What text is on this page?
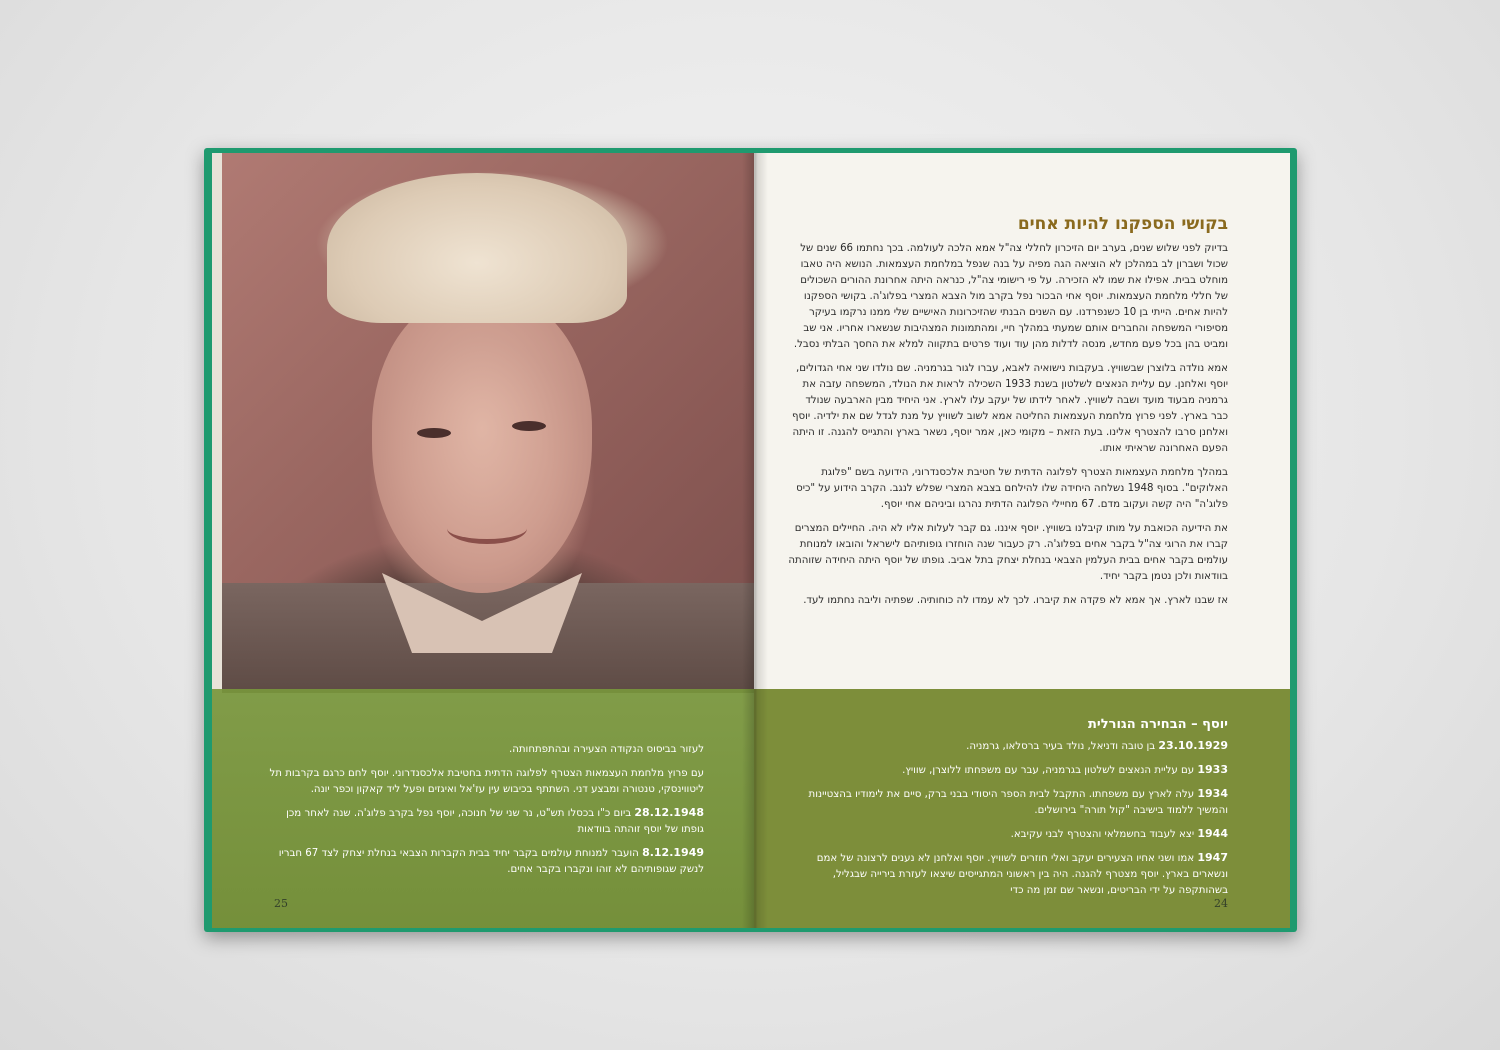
לעזור בביסוס הנקודה הצעירה ובהתפתחותה.

עם פרוץ מלחמת העצמאות הצטרף לפלוגה הדתית בחטיבת אלכסנדרוני. יוסף לחם כרגם בקרבות תל ליטווינסקי, טנטורה ומבצע דני. השתתף בכיבוש עין עז'אל ואיגזים ופעל ליד קאקון וכפר יונה.

28.12.1948 ביום כ"ו בכסלו תש"ט, נר שני של חנוכה, יוסף נפל בקרב פלוג'ה. שנה לאחר מכן גופתו של יוסף זוהתה בוודאות

8.12.1949 הועבר למנוחת עולמים בקבר יחיד בבית הקברות הצבאי בנחלת יצחק לצד 67 חבריו לנשק שגופותיהם לא זוהו ונקברו בקבר אחים.

25
בקושי הספקנו להיות אחים

בדיוק לפני שלוש שנים, בערב יום הזיכרון לחללי צה"ל אמא הלכה לעולמה. בכך נחתמו 66 שנים של שכול ושברון לב במהלכן לא הוציאה הגה מפיה על בנה שנפל במלחמת העצמאות. הנושא היה טאבו מוחלט בבית. אפילו את שמו לא הזכירה. על פי רישומי צה"ל, כנראה היתה אחרונת ההורים השכולים של חללי מלחמת העצמאות. יוסף אחי הבכור נפל בקרב מול הצבא המצרי בפלוג'ה. בקושי הספקנו להיות אחים. הייתי בן 10 כשנפרדנו. עם השנים הבנתי שהזיכרונות האישיים שלי ממנו נרקמו בעיקר מסיפורי המשפחה והחברים אותם שמעתי במהלך חיי, ומהתמונות המצהיבות שנשארו אחריו. אני שב ומביט בהן בכל פעם מחדש, מנסה לדלות מהן עוד ועוד פרטים בתקווה למלא את החסך הבלתי נסבל.

אמא נולדה בלוצרן שבשוויץ. בעקבות נישואיה לאבא, עברו לגור בגרמניה. שם נולדו שני אחי הגדולים, יוסף ואלחנן. עם עליית הנאצים לשלטון בשנת 1933 השכילה לראות את הנולד, המשפחה עזבה את גרמניה מבעוד מועד ושבה לשוויץ. לאחר לידתו של יעקב עלו לארץ. אני היחיד מבין הארבעה שנולד כבר בארץ. לפני פרוץ מלחמת העצמאות החליטה אמא לשוב לשוויץ על מנת לגדל שם את ילדיה. יוסף ואלחנן סרבו להצטרף אלינו. בעת הזאת – מקומי כאן, אמר יוסף, נשאר בארץ והתגייס להגנה. זו היתה הפעם האחרונה שראיתי אותו.

במהלך מלחמת העצמאות הצטרף לפלוגה הדתית של חטיבת אלכסנדרוני, הידועה בשם "פלוגת האלוקים". בסוף 1948 נשלחה היחידה שלו להילחם בצבא המצרי שפלש לנגב. הקרב הידוע על "כיס פלוג'ה" היה קשה ועקוב מדם. 67 מחיילי הפלוגה הדתית נהרגו וביניהם אחי יוסף.

את הידיעה הכואבת על מותו קיבלנו בשוויץ. יוסף איננו. גם קבר לעלות אליו לא היה. החיילים המצרים קברו את הרוגי צה"ל בקבר אחים בפלוג'ה. רק כעבור שנה הוחזרו גופותיהם לישראל והובאו למנוחת עולמים בקבר אחים בבית העלמין הצבאי בנחלת יצחק בתל אביב. גופתו של יוסף היתה היחידה שזוהתה בוודאות ולכן נטמן בקבר יחיד.

אז שבנו לארץ. אך אמא לא פקדה את קיברו. לכך לא עמדו לה כוחותיה. שפתיה וליבה נחתמו לעד.

יוסף – הבחירה הגורלית

23.10.1929 בן טובה ודניאל, נולד בעיר ברסלאו, גרמניה.

1933 עם עליית הנאצים לשלטון בגרמניה, עבר עם משפחתו ללוצרן, שוויץ.

1934 עלה לארץ עם משפחתו. התקבל לבית הספר היסודי בבני ברק, סיים את לימודיו בהצטיינות והמשיך ללמוד בישיבה "קול תורה" בירושלים.

1944 יצא לעבוד בחשמלאי והצטרף לבני עקיבא.

1947 אמו ושני אחיו הצעירים יעקב ואלי חוזרים לשוויץ. יוסף ואלחנן לא נענים לרצונה של אמם ונשארים בארץ. יוסף מצטרף להגנה. היה בין ראשוני המתגייסים שיצאו לעזרת בירייה שבגליל, בשהותקפה על ידי הבריטים, ונשאר שם זמן מה כדי

24
